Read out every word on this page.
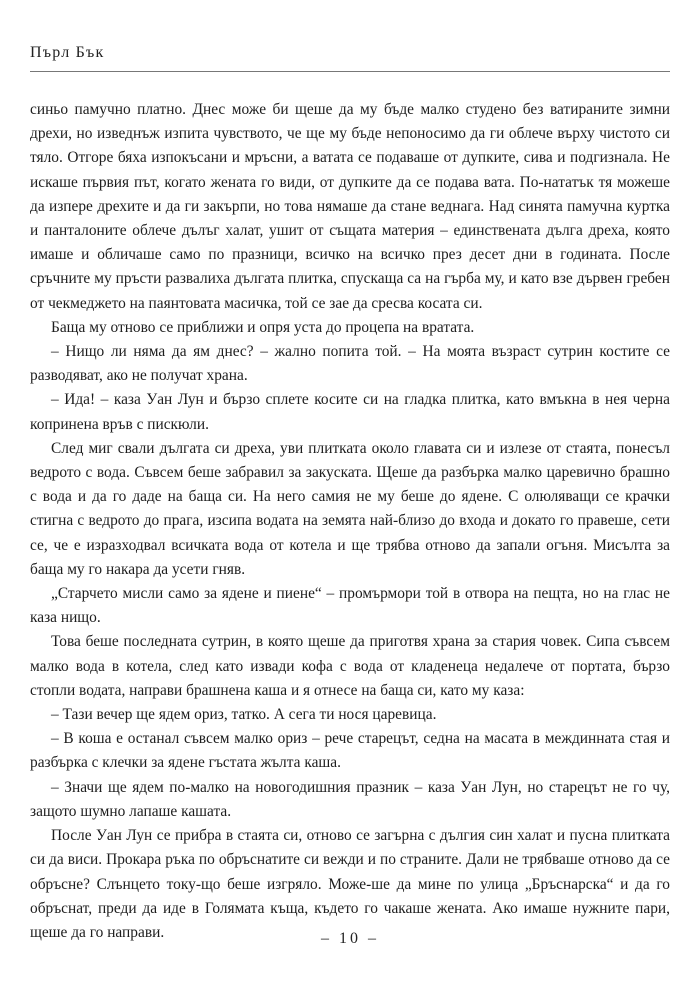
Пърл Бък

синьо памучно платно. Днес може би щеше да му бъде малко студено без ватираните зимни дрехи, но изведнъж изпита чувството, че ще му бъде непоносимо да ги облече върху чистото си тяло. Отгоре бяха изпокъсани и мръсни, а ватата се подаваше от дупките, сива и подгизнала. Не искаше първия път, когато жената го види, от дупките да се подава вата. По-нататък тя можеше да изпере дрехите и да ги закърпи, но това нямаше да стане веднага. Над синята памучна куртка и панталоните облече дълъг халат, ушит от същата материя – единствената дълга дреха, която имаше и обличаше само по празници, всичко на всичко през десет дни в годината. После сръчните му пръсти развалиха дългата плитка, спускаща са на гърба му, и като взе дървен гребен от чекмеджето на паянтовата масичка, той се зае да сресва косата си.

Баща му отново се приближи и опря уста до процепа на вратата.

– Нищо ли няма да ям днес? – жално попита той. – На моята възраст сутрин костите се разводяват, ако не получат храна.

– Ида! – каза Уан Лун и бързо сплете косите си на гладка плитка, като вмъкна в нея черна копринена връв с пискюли.

След миг свали дългата си дреха, уви плитката около главата си и излезе от стаята, понесъл ведрото с вода. Съвсем беше забравил за закуската. Щеше да разбърка малко царевично брашно с вода и да го даде на баща си. На него самия не му беше до ядене. С олюляващи се крачки стигна с ведрото до прага, изсипа водата на земята най-близо до входа и докато го правеше, сети се, че е изразходвал всичката вода от котела и ще трябва отново да запали огъня. Мисълта за баща му го накара да усети гняв.

„Старчето мисли само за ядене и пиене“ – промърмори той в отвора на пещта, но на глас не каза нищо.

Това беше последната сутрин, в която щеше да приготвя храна за стария човек. Сипа съвсем малко вода в котела, след като извади кофа с вода от кладенеца недалече от портата, бързо стопли водата, направи брашнена каша и я отнесе на баща си, като му каза:

– Тази вечер ще ядем ориз, татко. А сега ти нося царевица.

– В коша е останал съвсем малко ориз – рече старецът, седна на масата в междинната стая и разбърка с клечки за ядене гъстата жълта каша.

– Значи ще ядем по-малко на новогодишния празник – каза Уан Лун, но старецът не го чу, защото шумно лапаше кашата.

После Уан Лун се прибра в стаята си, отново се загърна с дългия син халат и пусна плитката си да виси. Прокара ръка по обръснатите си вежди и по страните. Дали не трябваше отново да се обръсне? Слънцето току-що беше изгряло. Може-ше да мине по улица „Бръснарска“ и да го обръснат, преди да иде в Голямата къща, където го чакаше жената. Ако имаше нужните пари, щеше да го направи.	– 10 –
